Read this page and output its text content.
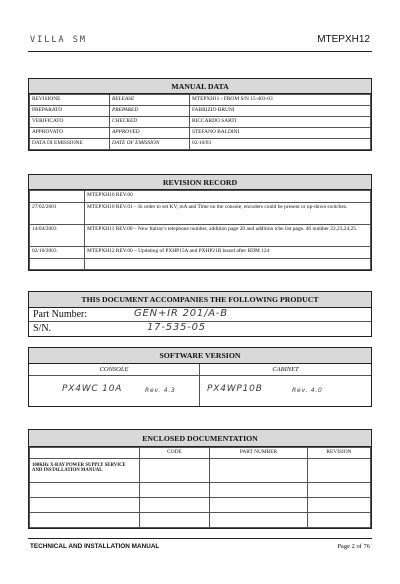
VILLA SM	MTEPXH12
MANUAL DATA
REVISIONE	RELEASE	MTEPXH11 - FROM S/N 15-403-03
PREPARATO	PREPARED	FABRIZIO BRUNI
VERIFICATO	CHECKED	RICCARDO SARTI
APPROVATO	APPROVED	STEFANO BALDINI
DATA DI EMISSIONE	DATE OF EMISSION	02/10/03
REVISION RECORD
	MTEPXH10 REV.00
27/02/2001	MTEPXH10 REV.01 – In order to set KV, mA and Time on the console, encoders could be present or up-down switches.
14/04/2003	MTEPXH11 REV.00 – New Italray's telephone number, addition page 20 and addition tcbe list page. 46 number 22,23,24,25.
02/10/2003	MTEPXH12 REV.00 – Updating of PXHP15A and PXHP21B board after RDM 124

THIS DOCUMENT ACCOMPANIES THE FOLLOWING PRODUCT
Part Number:	GEN+IR 201/A-B
S/N.	17-535-05
SOFTWARE VERSION
CONSOLE	CABINET
PX4WC 10A	Rev. 4.3	PX4WP10B	Rev. 4.0
ENCLOSED DOCUMENTATION
	CODE	PART NUMBER	REVISION
100KHz X-RAY POWER SUPPLY SERVICE AND INSTALLATION MANUAL			

TECHNICAL AND INSTALLATION MANUAL	Page 2 of 76
